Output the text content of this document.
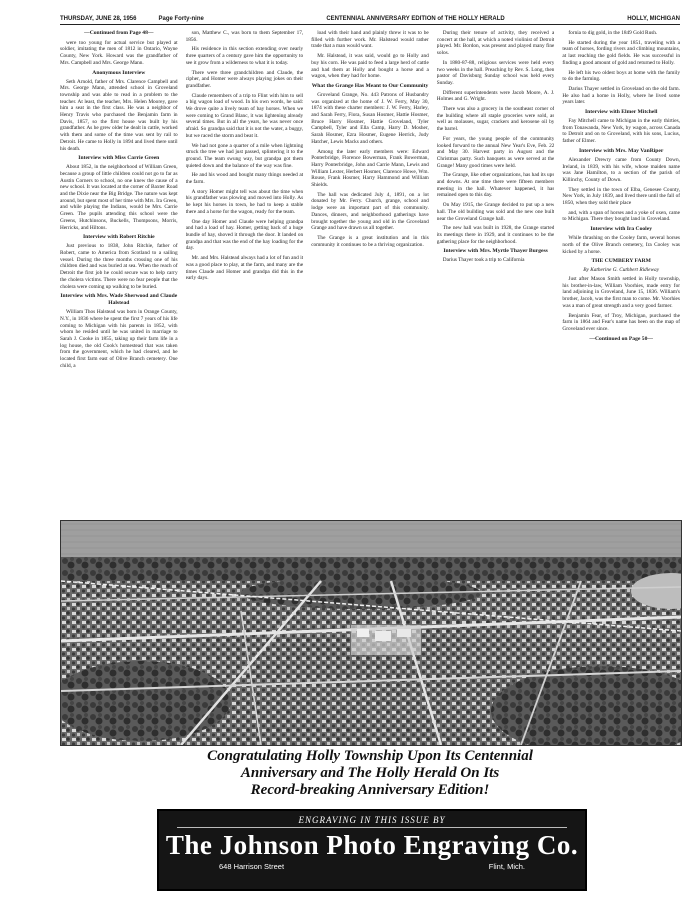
THURSDAY, JUNE 28, 1956	Page Forty-nine	CENTENNIAL ANNIVERSARY EDITION of THE HOLLY HERALD	HOLLY, MICHIGAN
—Continued from Page 48—

were too young for actual service but played at soldier, imitating the men of 1812 in Ontario, Wayne County, New York. Howard was the grandfather of Mrs. Campbell and Mrs. George Mann.

Anonymous Interview

Seth Arnold, father of Mrs. Clarence Campbell and Mrs. George Mann, attended school in Groveland township and was able to read in a problem to the teacher. At least, the teacher, Mrs. Helen Moorey, gave him a seat in the first class. He was a neighbor of Henry Travis who purchased the Benjamin farm in Davis, 1857, so the first house was built by his grandfather. As he grew older he dealt in cattle, worked with them and some of the time was sent by rail to Detroit. He came to Holly in 1894 and lived there until his death.

Interview with Miss Carrie Green

About 1852, in the neighborhood of William Green, because a group of little children could not go to far as Austin Corners to school, no one knew the cause of a new school. It was located at the corner of Baxter Road and the Dixie near the Big Bridge. The nature was kept around, but spent most of her time with Mrs. Ira Green, and while playing the Indians, would be Mrs. Carrie Green. The pupils attending this school were the Greens, Hutchinsons, Buckells, Thompsons, Morris, Herricks, and Hiltons.

Interview with Robert Ritchie

Just previous to 1838, John Ritchie, father of Robert, came to America from Scotland to a sailing vessel. During the three months crossing one of his children died and was buried at sea. When the reach of Detroit the first job he could secure was to help carry the cholera victims. There were no fear people that the cholera were coming up walking to be buried.

Interview with Mrs. Wade Sherwood and Claude Halstead

William Thos Halstead was born in Orange County, N.Y., in 1836 where he spent the first 7 years of his life coming to Michigan with his parents in 1852, with whom he resided until he was united in marriage to Sarah J. Cooke in 1855, taking up their farm life in a log house, the old Cook's homestead that was taken from the government, which he had cleared, and he located first farm east of Olive Branch cemetery. One child, a

son, Matthew C., was born to them September 17, 1856.

His residence in this section extending over nearly three quarters of a century gave him the opportunity to see it grow from a wilderness to what it is today.

There were three grandchildren and Claude, the cipher, and Homer were always playing jokes on their grandfather.

Claude remembers of a trip to Flint with him to sell a big wagon load of wood. In his own words, he said: We drove quite a lively team of bay horses. When we were coming to Grand Blanc, it was lightening already several times. But in all the years, he was never once afraid. So grandpa said that it is not the water, a buggy, but we raced the storm and beat it.

We had not gone a quarter of a mile when lightning struck the tree we had just passed, splintering it to the ground. The team swung way, but grandpa got them quieted down and the balance of the way was fine.

He and his wood and bought many things needed at the farm.

A story Homer might tell was about the time when his grandfather was plowing and moved into Holly. As he kept his horses in town, he had to keep a stable there and a horse for the wagon, ready for the team.

One day Homer and Claude were helping grandpa and had a load of hay. Homer, getting back of a huge bundle of hay, shoved it through the door. It landed on grandpa and that was the end of the hay loading for the day.

Mr. and Mrs. Halstead always had a lot of fun and it was a good place to play, at the farm, and many are the times Claude and Homer and grandpa did this in the early days.

load with their hand and plainly threw it was to be filled with further work. Mr. Halstead would rather trade that a man would want.

Mr. Halstead, it was said, would go to Holly and buy his corn. He was paid to feed a large herd of cattle and had them at Holly and bought a horse and a wagon, when they had for home.

What the Grange Has Meant to Our Community

Groveland Grange, No. 443 Patrons of Husbandry was organized at the home of J. W. Ferry, May 30, 1874 with these charter members: J. W. Ferry, Harley, and Sarah Ferry, Flora, Susan Hosmer, Hattie Hosmer, Bruce Harry Hosmer, Hattie Groveland, Tyler Campbell, Tyler and Ella Camp, Harry D. Mosher, Sarah Hosmer, Ezra Hosmer, Eugene Herrick, Judy Hatcher, Lewis Macks and others.

Among the later early members were: Edward Ponterbridge, Florence Bowerman, Frank Bowerman, Harry Ponterbridge, John and Carrie Mann, Lewis and William Lexter, Herbert Hosmer, Clarence Howe, Wm. Rouse, Frank Hosmer, Harry Hammond and William Shields.

The hall was dedicated July 4, 1891, on a lot donated by Mr. Ferry. Church, grange, school and lodge were an important part of this community. Dances, dinners, and neighborhood gatherings have brought together the young and old in the Groveland Grange and have drawn us all together.

The Grange is a great institution and in this community it continues to be a thriving organization.

During their tenure of activity, they received a concert at the hall, at which a noted violinist of Detroit played. Mr. Bordon, was present and played many fine solos.

In 1880-87-88, religious services were held every two weeks in the hall. Preaching by Rev. S. Long, then pastor of Davisburg Sunday school was held every Sunday.

Different superintendents were Jacob Moore, A. J. Holmes and G. Wright.

There was also a grocery in the southeast corner of the building where all staple groceries were sold, as well as molasses, sugar, crackers and kerosene oil by the barrel.

For years, the young people of the community looked forward to the annual New Year's Eve, Feb. 22 and May 30. Harvest party in August and the Christmas party. Such banquets as were served at the Grange! Many good times were held.

The Grange, like other organizations, has had its ups and downs. At one time there were fifteen members meeting in the hall. Whatever happened, it has remained open to this day.

On May 1915, the Grange decided to put up a new hall. The old building was sold and the new one built near the Groveland Grange hall.

The new hall was built in 1928, the Grange started its meetings there in 1929, and it continues to be the gathering place for the neighborhood.

Interview with Mrs. Myrtle Thayer Burgess

Darius Thayer took a trip to California

fornia to dig gold, in the 1849 Gold Rush.

He started during the year 1851, traveling with a team of horses, fording rivers and climbing mountains, at last reaching the gold fields. He was successful in finding a good amount of gold and returned to Holly.

He left his two oldest boys at home with the family to do the farming.

Darius Thayer settled in Groveland on the old farm. He also had a home in Holly, where he lived some years later.

Interview with Elmer Mitchell

Fay Mitchell came to Michigan in the early thirties, from Tonawanda, New York, by wagon, across Canada to Detroit and on to Groveland, with his sons, Lucius, father of Elmer.

Interview with Mrs. May VanRiper

Alexander Drewry came from County Down, Ireland, in 1839, with his wife, whose maiden name was Jane Hamilton, to a section of the parish of Killinchy, County of Down.

They settled in the town of Elba, Genesee County, New York, in July 1839, and lived there until the fall of 1850, when they sold their place

and, with a span of horses and a yoke of oxen, came to Michigan. There they bought land in Groveland.

Interview with Ira Cooley

While thrashing on the Cooley farm, several horses north of the Olive Branch cemetery, Ira Cooley was kicked by a horse.

THE CUMBERY FARM

By Katherine G. Cuthbert Ridleway

Just after Mason Smith settled in Holly township, his brother-in-law, William Voorhies, made entry for land adjoining in Groveland, June 15, 1836. William's brother, Jacob, was the first man to come. Mr. Voorhies was a man of great strength and a very good farmer.

Benjamin Fear, of Troy, Michigan, purchased the farm in 1864 and Fear's name has been on the map of Groveland ever since.

—Continued on Page 50—
Congratulating Holly Township Upon Its Centennial
Anniversary and The Holly Herald On Its
Record-breaking Anniversary Edition!
ENGRAVING IN THIS ISSUE BY
The Johnson Photo Engraving Co.
648 Harrison Street	Flint, Mich.
